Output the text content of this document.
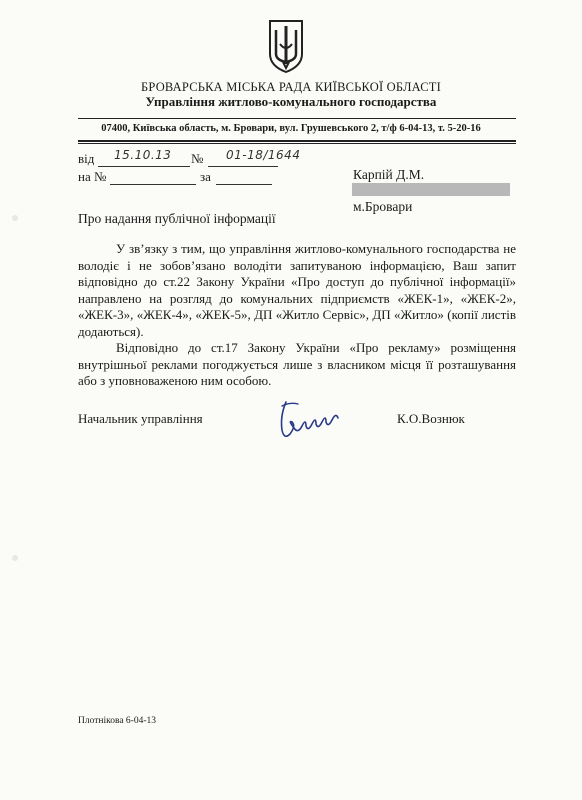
БРОВАРСЬКА МІСЬКА РАДА КИЇВСЬКОЇ ОБЛАСТІ
Управління житлово-комунального господарства
07400, Київська область, м. Бровари, вул. Грушевського 2, т/ф 6-04-13, т. 5-20-16
від 15.10.13 № 01-18/1644
на №	за	Карпій Д.М.
м.Бровари
Про надання публічної інформації

У зв’язку з тим, що управління житлово-комунального господарства не володіє і не зобов’язано володіти запитуваною інформацією, Ваш запит відповідно до ст.22 Закону України «Про доступ до публічної інформації» направлено на розгляд до комунальних підприємств «ЖЕК-1», «ЖЕК-2», «ЖЕК-3», «ЖЕК-4», «ЖЕК-5», ДП «Житло Сервіс», ДП «Житло» (копії листів додаються).

Відповідно до ст.17 Закону України «Про рекламу» розміщення внутрішньої реклами погоджується лише з власником місця її розташування або з уповноваженою ним особою.

Начальник управління	К.О.Вознюк
Плотнікова 6-04-13
